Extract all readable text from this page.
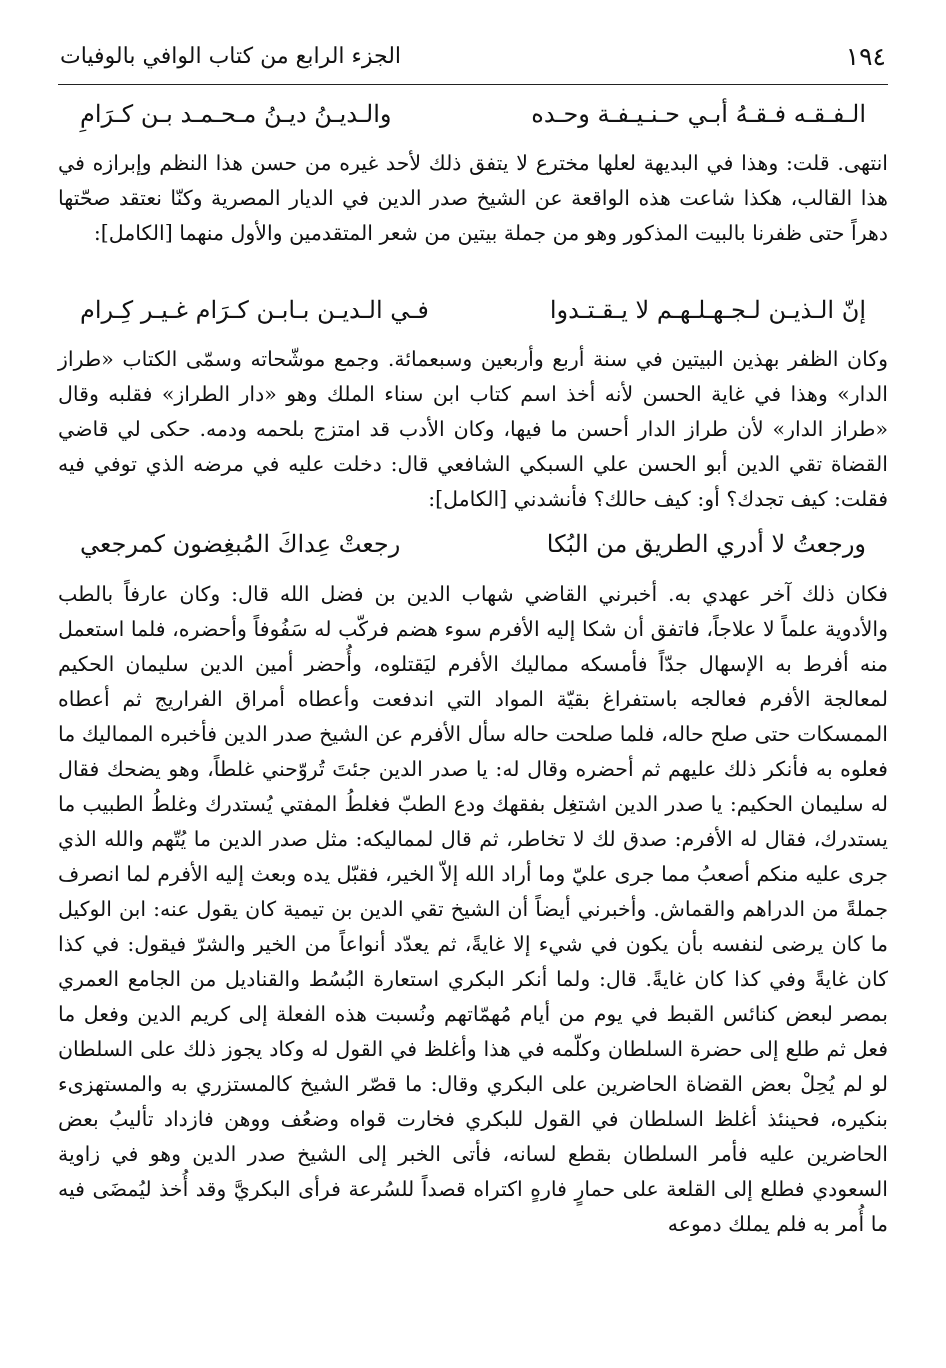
١٩٤
الجزء الرابع من كتاب الوافي بالوفيات
الـفـقـه فـقـهُ أبـي حـنـيـفـة وحـده
والـديـنُ ديـنُ مـحـمـد بـن كـرَامِ
انتهى. قلت: وهذا في البديهة لعلها مخترع لا يتفق ذلك لأحد غيره من حسن هذا النظم وإبرازه في هذا القالب، هكذا شاعت هذه الواقعة عن الشيخ صدر الدين في الديار المصرية وكنّا نعتقد صحّتها دهراً حتى ظفرنا بالبيت المذكور وهو من جملة بيتين من شعر المتقدمين والأول منهما [الكامل]:
إنّ الـذيـن لـجـهـلـهـم لا يـقـتـدوا
فـي الـديـن بـابـن كـرَام غـيـر كِـرام
وكان الظفر بهذين البيتين في سنة أربع وأربعين وسبعمائة. وجمع موشّحاته وسمّى الكتاب «طراز الدار» وهذا في غاية الحسن لأنه أخذ اسم كتاب ابن سناء الملك وهو «دار الطراز» فقلبه وقال «طراز الدار» لأن طراز الدار أحسن ما فيها، وكان الأدب قد امتزج بلحمه ودمه. حكى لي قاضي القضاة تقي الدين أبو الحسن علي السبكي الشافعي قال: دخلت عليه في مرضه الذي توفي فيه فقلت: كيف تجدك؟ أو: كيف حالك؟ فأنشدني [الكامل]:
ورجعتُ لا أدري الطريق من البُكا
رجعتْ عِداكَ المُبغِضون كمرجعي
فكان ذلك آخر عهدي به. أخبرني القاضي شهاب الدين بن فضل الله قال: وكان عارفاً بالطب والأدوية علماً لا علاجاً، فاتفق أن شكا إليه الأفرم سوء هضم فركّب له سَفُوفاً وأحضره، فلما استعمل منه أفرط به الإسهال جدّاً فأمسكه مماليك الأفرم ليَقتلوه، وأُحضر أمين الدين سليمان الحكيم لمعالجة الأفرم فعالجه باستفراغ بقيّة المواد التي اندفعت وأعطاه أمراق الفراريج ثم أعطاه الممسكات حتى صلح حاله، فلما صلحت حاله سأل الأفرم عن الشيخ صدر الدين فأخبره المماليك ما فعلوه به فأنكر ذلك عليهم ثم أحضره وقال له: يا صدر الدين جئتَ تُروّحني غلطاً، وهو يضحك فقال له سليمان الحكيم: يا صدر الدين اشتغِل بفقهك ودع الطبّ فغلطُ المفتي يُستدرك وغلطُ الطبيب ما يستدرك، فقال له الأفرم: صدق لك لا تخاطر، ثم قال لمماليكه: مثل صدر الدين ما يُتّهم والله الذي جرى عليه منكم أصعبُ مما جرى عليّ وما أراد الله إلاّ الخير، فقبّل يده وبعث إليه الأفرم لما انصرف جملةً من الدراهم والقماش. وأخبرني أيضاً أن الشيخ تقي الدين بن تيمية كان يقول عنه: ابن الوكيل ما كان يرضى لنفسه بأن يكون في شيء إلا غايةً، ثم يعدّد أنواعاً من الخير والشرّ فيقول: في كذا كان غايةً وفي كذا كان غايةً. قال: ولما أنكر البكري استعارة البُسُط والقناديل من الجامع العمري بمصر لبعض كنائس القبط في يوم من أيام مُهمّاتهم ونُسبت هذه الفعلة إلى كريم الدين وفعل ما فعل ثم طلع إلى حضرة السلطان وكلّمه في هذا وأغلظ في القول له وكاد يجوز ذلك على السلطان لو لم يُحِلْ بعض القضاة الحاضرين على البكري وقال: ما قصّر الشيخ كالمستزري به والمستهزىء بنكيره، فحينئذ أغلظ السلطان في القول للبكري فخارت قواه وضعُف ووهن فازداد تأليبُ بعض الحاضرين عليه فأمر السلطان بقطع لسانه، فأتى الخبر إلى الشيخ صدر الدين وهو في زاوية السعودي فطلع إلى القلعة على حمارٍ فارهٍ اكتراه قصداً للسُرعة فرأى البكريَّ وقد أُخذ ليُمضَى فيه ما أُمر به فلم يملك دموعه
